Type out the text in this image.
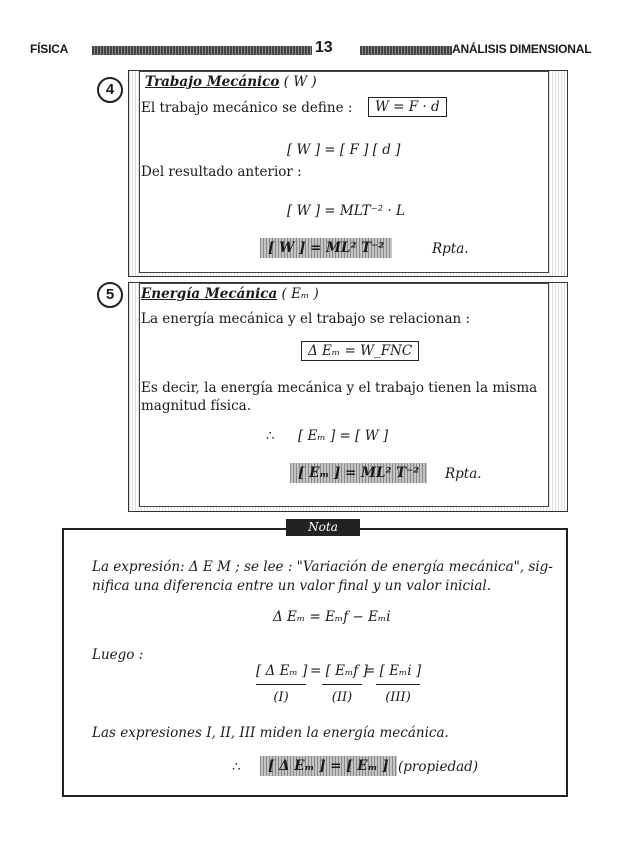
FÍSICA	13	ANÁLISIS DIMENSIONAL
4	Trabajo Mecánico ( W )
El trabajo mecánico se define :	W = F · d
[ W ] = [ F ] [ d ]
Del resultado anterior :
[ W ] = MLT⁻² · L
[ W ] = ML² T⁻²	Rpta.
5	Energía Mecánica ( Eₘ )
La energía mecánica y el trabajo se relacionan :
Δ Eₘ = W_FNC
Es decir, la energía mecánica y el trabajo tienen la misma
magnitud física.
∴ [ Eₘ ] = [ W ]
[ Eₘ ] = ML² T⁻²	Rpta.
Nota
La expresión: Δ E M ; se lee : "Variación de energía mecánica", sig-
nifica una diferencia entre un valor final y un valor inicial.
Δ Eₘ = Eₘf − Eₘi
Luego :
[ Δ Eₘ ] = [ Eₘf ]
= [ Eₘi ]
(I)	(II)	(III)
Las expresiones I, II, III miden la energía mecánica.
∴	[ Δ Eₘ ] = [ Eₘ ] (propiedad)
